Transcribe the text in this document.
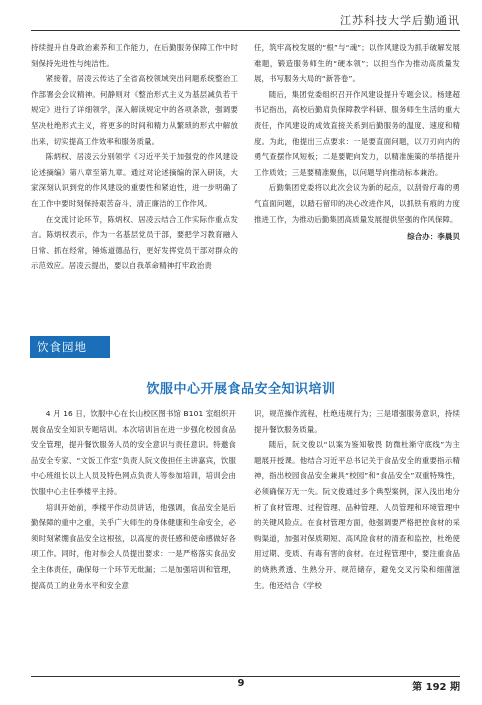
江苏科技大学后勤通讯

持续提升自身政治素养和工作能力，在后勤服务保障工作中时刻保持先进性与纯洁性。

紧接着，居凌云传达了全省高校领域突出问题系统整治工作部署会会议精神。何静则对《整治形式主义为基层减负若干规定》进行了详细领学，深入解读规定中的各项条款，强调要坚决杜绝形式主义，将更多的时间和精力从繁琐的形式中解放出来，切实提高工作效率和服务质量。

陈炳权、居凌云分别领学《习近平关于加强党的作风建设论述摘编》第八章至第九章。通过对论述摘编的深入研读，大家深刻认识到党的作风建设的重要性和紧迫性，进一步明确了在工作中要时刻保持艰苦奋斗、清正廉洁的工作作风。

在交流讨论环节，陈炳权、居凌云结合工作实际作重点发言。陈炳权表示，作为一名基层党员干部，要把学习教育融入日常、抓在经常，锤炼道德品行，更好发挥党员干部对群众的示范效应。居凌云提出，要以自我革命精神打牢政治责

任，筑牢高校发展的“根”与“魂”；以作风建设为抓手破解发展难题，锻造服务师生的“硬本领”；以担当作为推动高质量发展，书写服务大局的“新答卷”。

随后，集团党委组织召开作风建设提升专题会议。杨建超书记指出，高校后勤肩负保障教学科研、服务师生生活的重大责任，作风建设的成效直接关系到后勤服务的温度、速度和精度。为此，他提出三点要求：一是要直面问题，以刀刃向内的勇气查摆作风短板；二是要靶向发力，以精准施策的举措提升工作质效；三是要精准聚焦，以问题导向推动标本兼治。

后勤集团党委将以此次会议为新的起点，以刮骨疗毒的勇气直面问题，以踏石留印的决心改进作风，以抓铁有痕的力度推进工作，为推动后勤集团高质量发展提供坚强的作风保障。

综合办：李晨贝
饮食园地
饮服中心开展食品安全知识培训

4 月 16 日，饮服中心在长山校区图书馆 B101 室组织开展食品安全知识专题培训。本次培训旨在进一步强化校园食品安全管理，提升餐饮服务人员的安全意识与责任意识。特邀食品安全专家、“文饭工作室”负责人阮文俊担任主讲嘉宾，饮服中心班组长以上人员及特色网点负责人等参加培训，培训会由饮服中心主任季楼平主持。

培训开始前，季楼平作动员讲话，他强调，食品安全是后勤保障的重中之重，关乎广大师生的身体健康和生命安全，必须时刻紧绷食品安全这根弦，以高度的责任感和使命感做好各项工作。同时，他对参会人员提出要求：一是严格落实食品安全主体责任，确保每一个环节无纰漏；二是加强培训和管理，提高员工的业务水平和安全意

识，规范操作流程，杜绝违规行为；三是增强服务意识，持续提升餐饮服务质量。

随后，阮文俊以“以案为鉴知敬畏 防微杜渐守底线”为主题展开授课。他结合习近平总书记关于食品安全的重要指示精神，指出校园食品安全兼具“校园”和“食品安全”双重特殊性，必须确保万无一失。阮文俊通过多个典型案例，深入浅出地分析了食材管理、过程管理、品种管理、人员管理和环境管理中的关键风险点。在食材管理方面，他强调要严格把控食材的采购渠道，加强对保质期短、高风险食材的清查和监控，杜绝使用过期、变质、有毒有害的食材。在过程管理中，要注重食品的烧熟煮透、生熟分开、规范储存，避免交叉污染和细菌滋生。他还结合《学校

9	第 192 期
